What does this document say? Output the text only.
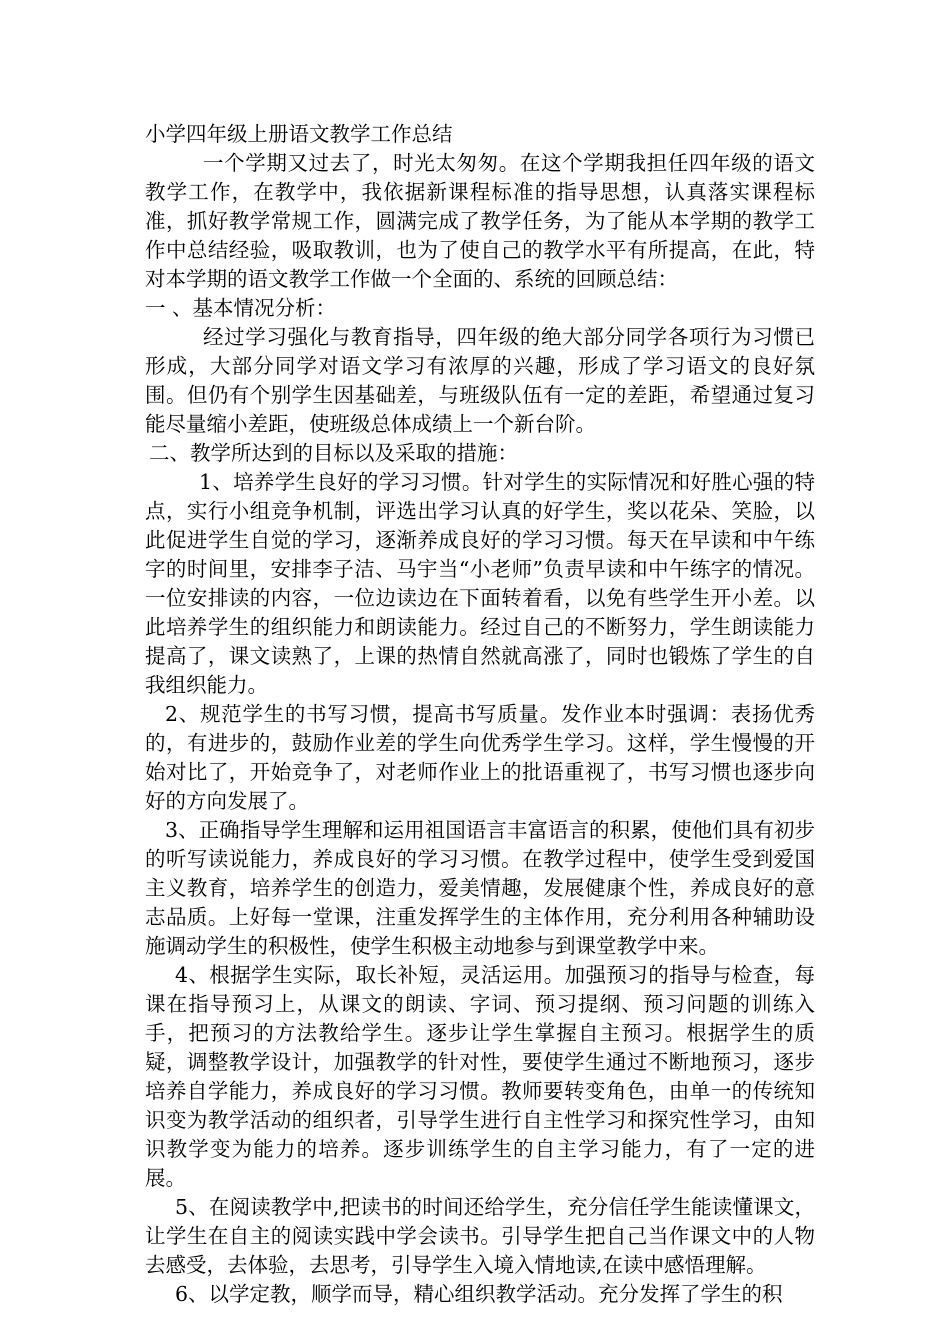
小学四年级上册语文教学工作总结

一个学期又过去了，时光太匆匆。在这个学期我担任四年级的语文教学工作，在教学中，我依据新课程标准的指导思想，认真落实课程标准，抓好教学常规工作，圆满完成了教学任务，为了能从本学期的教学工作中总结经验，吸取教训，也为了使自己的教学水平有所提高，在此，特对本学期的语文教学工作做一个全面的、系统的回顾总结：

一 、基本情况分析：

经过学习强化与教育指导，四年级的绝大部分同学各项行为习惯已形成，大部分同学对语文学习有浓厚的兴趣，形成了学习语文的良好氛围。但仍有个别学生因基础差，与班级队伍有一定的差距，希望通过复习能尽量缩小差距，使班级总体成绩上一个新台阶。

二、教学所达到的目标以及采取的措施：

1、培养学生良好的学习习惯。针对学生的实际情况和好胜心强的特点，实行小组竞争机制，评选出学习认真的好学生，奖以花朵、笑脸，以此促进学生自觉的学习，逐渐养成良好的学习习惯。每天在早读和中午练字的时间里，安排李子洁、马宇当“小老师”负责早读和中午练字的情况。一位安排读的内容，一位边读边在下面转着看，以免有些学生开小差。以此培养学生的组织能力和朗读能力。经过自己的不断努力，学生朗读能力提高了，课文读熟了，上课的热情自然就高涨了，同时也锻炼了学生的自我组织能力。

2、规范学生的书写习惯，提高书写质量。发作业本时强调：表扬优秀的，有进步的，鼓励作业差的学生向优秀学生学习。这样，学生慢慢的开始对比了，开始竞争了，对老师作业上的批语重视了，书写习惯也逐步向好的方向发展了。

3、正确指导学生理解和运用祖国语言丰富语言的积累，使他们具有初步的听写读说能力，养成良好的学习习惯。在教学过程中，使学生受到爱国主义教育，培养学生的创造力，爱美情趣，发展健康个性，养成良好的意志品质。上好每一堂课，注重发挥学生的主体作用，充分利用各种辅助设施调动学生的积极性，使学生积极主动地参与到课堂教学中来。

4、根据学生实际，取长补短，灵活运用。加强预习的指导与检查，每课在指导预习上，从课文的朗读、字词、预习提纲、预习问题的训练入手，把预习的方法教给学生。逐步让学生掌握自主预习。根据学生的质疑，调整教学设计，加强教学的针对性，要使学生通过不断地预习，逐步培养自学能力，养成良好的学习习惯。教师要转变角色，由单一的传统知识变为教学活动的组织者，引导学生进行自主性学习和探究性学习，由知识教学变为能力的培养。逐步训练学生的自主学习能力，有了一定的进展。

5、在阅读教学中,把读书的时间还给学生，充分信任学生能读懂课文，让学生在自主的阅读实践中学会读书。引导学生把自己当作课文中的人物去感受，去体验，去思考，引导学生入境入情地读,在读中感悟理解。

6、以学定教，顺学而导，精心组织教学活动。充分发挥了学生的积
